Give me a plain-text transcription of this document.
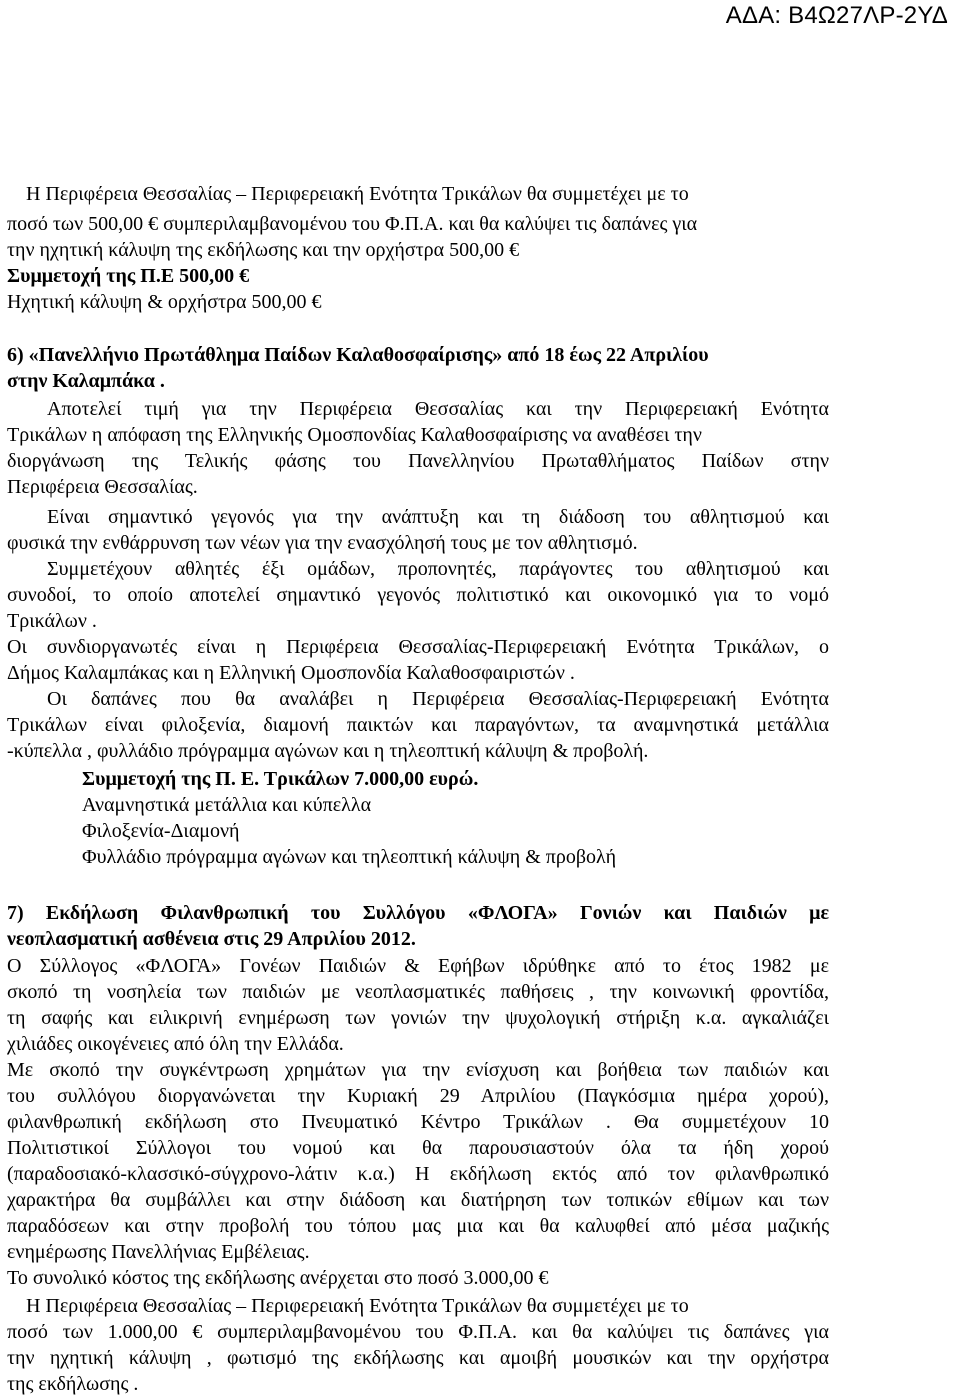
ΑΔΑ: Β4Ω27ΛΡ-2ΥΔ
Η Περιφέρεια Θεσσαλίας – Περιφερειακή Ενότητα Τρικάλων θα συμμετέχει με το
ποσό των 500,00 € συμπεριλαμβανομένου του Φ.Π.Α. και θα καλύψει τις δαπάνες για
την ηχητική κάλυψη της εκδήλωσης και την ορχήστρα 500,00 €
Συμμετοχή της Π.Ε 500,00 €
Ηχητική κάλυψη & ορχήστρα 500,00 €
6) «Πανελλήνιο Πρωτάθλημα Παίδων Καλαθοσφαίρισης» από 18 έως 22 Απριλίου
στην Καλαμπάκα .
Αποτελεί τιμή για την Περιφέρεια Θεσσαλίας και την Περιφερειακή Ενότητα
Τρικάλων η απόφαση της Ελληνικής Ομοσπονδίας Καλαθοσφαίρισης να αναθέσει την
διοργάνωση της Τελικής φάσης του Πανελληνίου Πρωταθλήματος Παίδων στην
Περιφέρεια Θεσσαλίας.
Είναι σημαντικό γεγονός για την ανάπτυξη και τη διάδοση του αθλητισμού και
φυσικά την ενθάρρυνση των νέων για την ενασχόλησή τους με τον αθλητισμό.
Συμμετέχουν αθλητές έξι ομάδων, προπονητές, παράγοντες του αθλητισμού και
συνοδοί, το οποίο αποτελεί σημαντικό γεγονός πολιτιστικό και οικονομικό για το νομό
Τρικάλων .
Οι συνδιοργανωτές είναι η Περιφέρεια Θεσσαλίας-Περιφερειακή Ενότητα Τρικάλων, ο
Δήμος Καλαμπάκας και η Ελληνική Ομοσπονδία Καλαθοσφαιριστών .
Οι δαπάνες που θα αναλάβει η Περιφέρεια Θεσσαλίας-Περιφερειακή Ενότητα
Τρικάλων είναι φιλοξενία, διαμονή παικτών και παραγόντων, τα αναμνηστικά μετάλλια
-κύπελλα , φυλλάδιο πρόγραμμα αγώνων και η τηλεοπτική κάλυψη & προβολή.
Συμμετοχή της Π. Ε. Τρικάλων 7.000,00 ευρώ.
Αναμνηστικά μετάλλια και κύπελλα
Φιλοξενία-Διαμονή
Φυλλάδιο πρόγραμμα αγώνων και τηλεοπτική κάλυψη & προβολή
7) Εκδήλωση Φιλανθρωπική του Συλλόγου «ΦΛΟΓΑ» Γονιών και Παιδιών με
νεοπλασματική ασθένεια στις 29 Απριλίου 2012.
Ο Σύλλογος «ΦΛΟΓΑ» Γονέων Παιδιών & Εφήβων ιδρύθηκε από το έτος 1982 με
σκοπό τη νοσηλεία των παιδιών με νεοπλασματικές παθήσεις , την κοινωνική φροντίδα,
τη σαφής και ειλικρινή ενημέρωση των γονιών την ψυχολογική στήριξη κ.α. αγκαλιάζει
χιλιάδες οικογένειες από όλη την Ελλάδα.
Με σκοπό την συγκέντρωση χρημάτων για την ενίσχυση και βοήθεια των παιδιών και
του συλλόγου διοργανώνεται την Κυριακή 29 Απριλίου (Παγκόσμια ημέρα χορού),
φιλανθρωπική εκδήλωση στο Πνευματικό Κέντρο Τρικάλων . Θα συμμετέχουν 10
Πολιτιστικοί Σύλλογοι του νομού και θα παρουσιαστούν όλα τα ήδη χορού
(παραδοσιακό-κλασσικό-σύγχρονο-λάτιν κ.α.) Η εκδήλωση εκτός από τον φιλανθρωπικό
χαρακτήρα θα συμβάλλει και στην διάδοση και διατήρηση των τοπικών εθίμων και των
παραδόσεων και στην προβολή του τόπου μας μια και θα καλυφθεί από μέσα μαζικής
ενημέρωσης Πανελλήνιας Εμβέλειας.
Το συνολικό κόστος της εκδήλωσης ανέρχεται στο ποσό 3.000,00 €
Η Περιφέρεια Θεσσαλίας – Περιφερειακή Ενότητα Τρικάλων θα συμμετέχει με το
ποσό των 1.000,00 € συμπεριλαμβανομένου του Φ.Π.Α. και θα καλύψει τις δαπάνες για
την ηχητική κάλυψη , φωτισμό της εκδήλωσης και αμοιβή μουσικών και την ορχήστρα
της εκδήλωσης .
